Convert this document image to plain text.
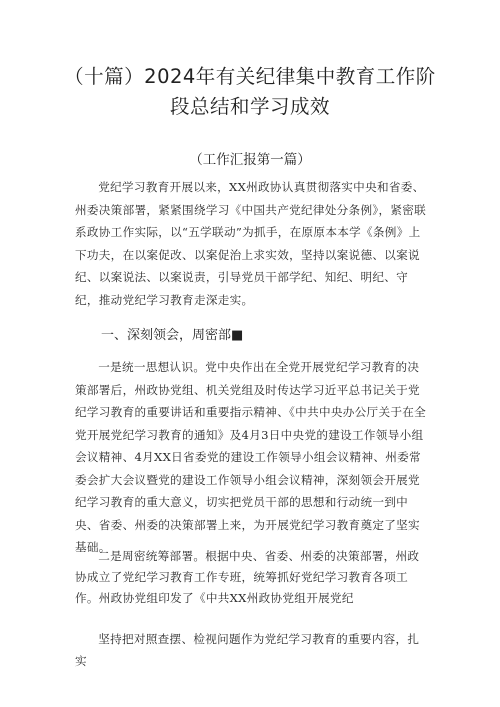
（十篇）2024年有关纪律集中教育工作阶段总结和学习成效
（工作汇报第一篇）
党纪学习教育开展以来，XX州政协认真贯彻落实中央和省委、州委决策部署，紧紧围绕学习《中国共产党纪律处分条例》，紧密联系政协工作实际，以“五学联动”为抓手，在原原本本学《条例》上下功夫，在以案促改、以案促治上求实效，坚持以案说德、以案说纪、以案说法、以案说责，引导党员干部学纪、知纪、明纪、守纪，推动党纪学习教育走深走实。
一、深刻领会，周密部■
一是统一思想认识。党中央作出在全党开展党纪学习教育的决策部署后，州政协党组、机关党组及时传达学习近平总书记关于党纪学习教育的重要讲话和重要指示精神、《中共中央办公厅关于在全党开展党纪学习教育的通知》及4月3日中央党的建设工作领导小组会议精神、4月XX日省委党的建设工作领导小组会议精神、州委常委会扩大会议暨党的建设工作领导小组会议精神，深刻领会开展党纪学习教育的重大意义，切实把党员干部的思想和行动统一到中央、省委、州委的决策部署上来，为开展党纪学习教育奠定了坚实基础。
二是周密统筹部署。根据中央、省委、州委的决策部署，州政协成立了党纪学习教育工作专班，统筹抓好党纪学习教育各项工作。州政协党组印发了《中共XX州政协党组开展党纪
坚持把对照查摆、检视问题作为党纪学习教育的重要内容，扎实
